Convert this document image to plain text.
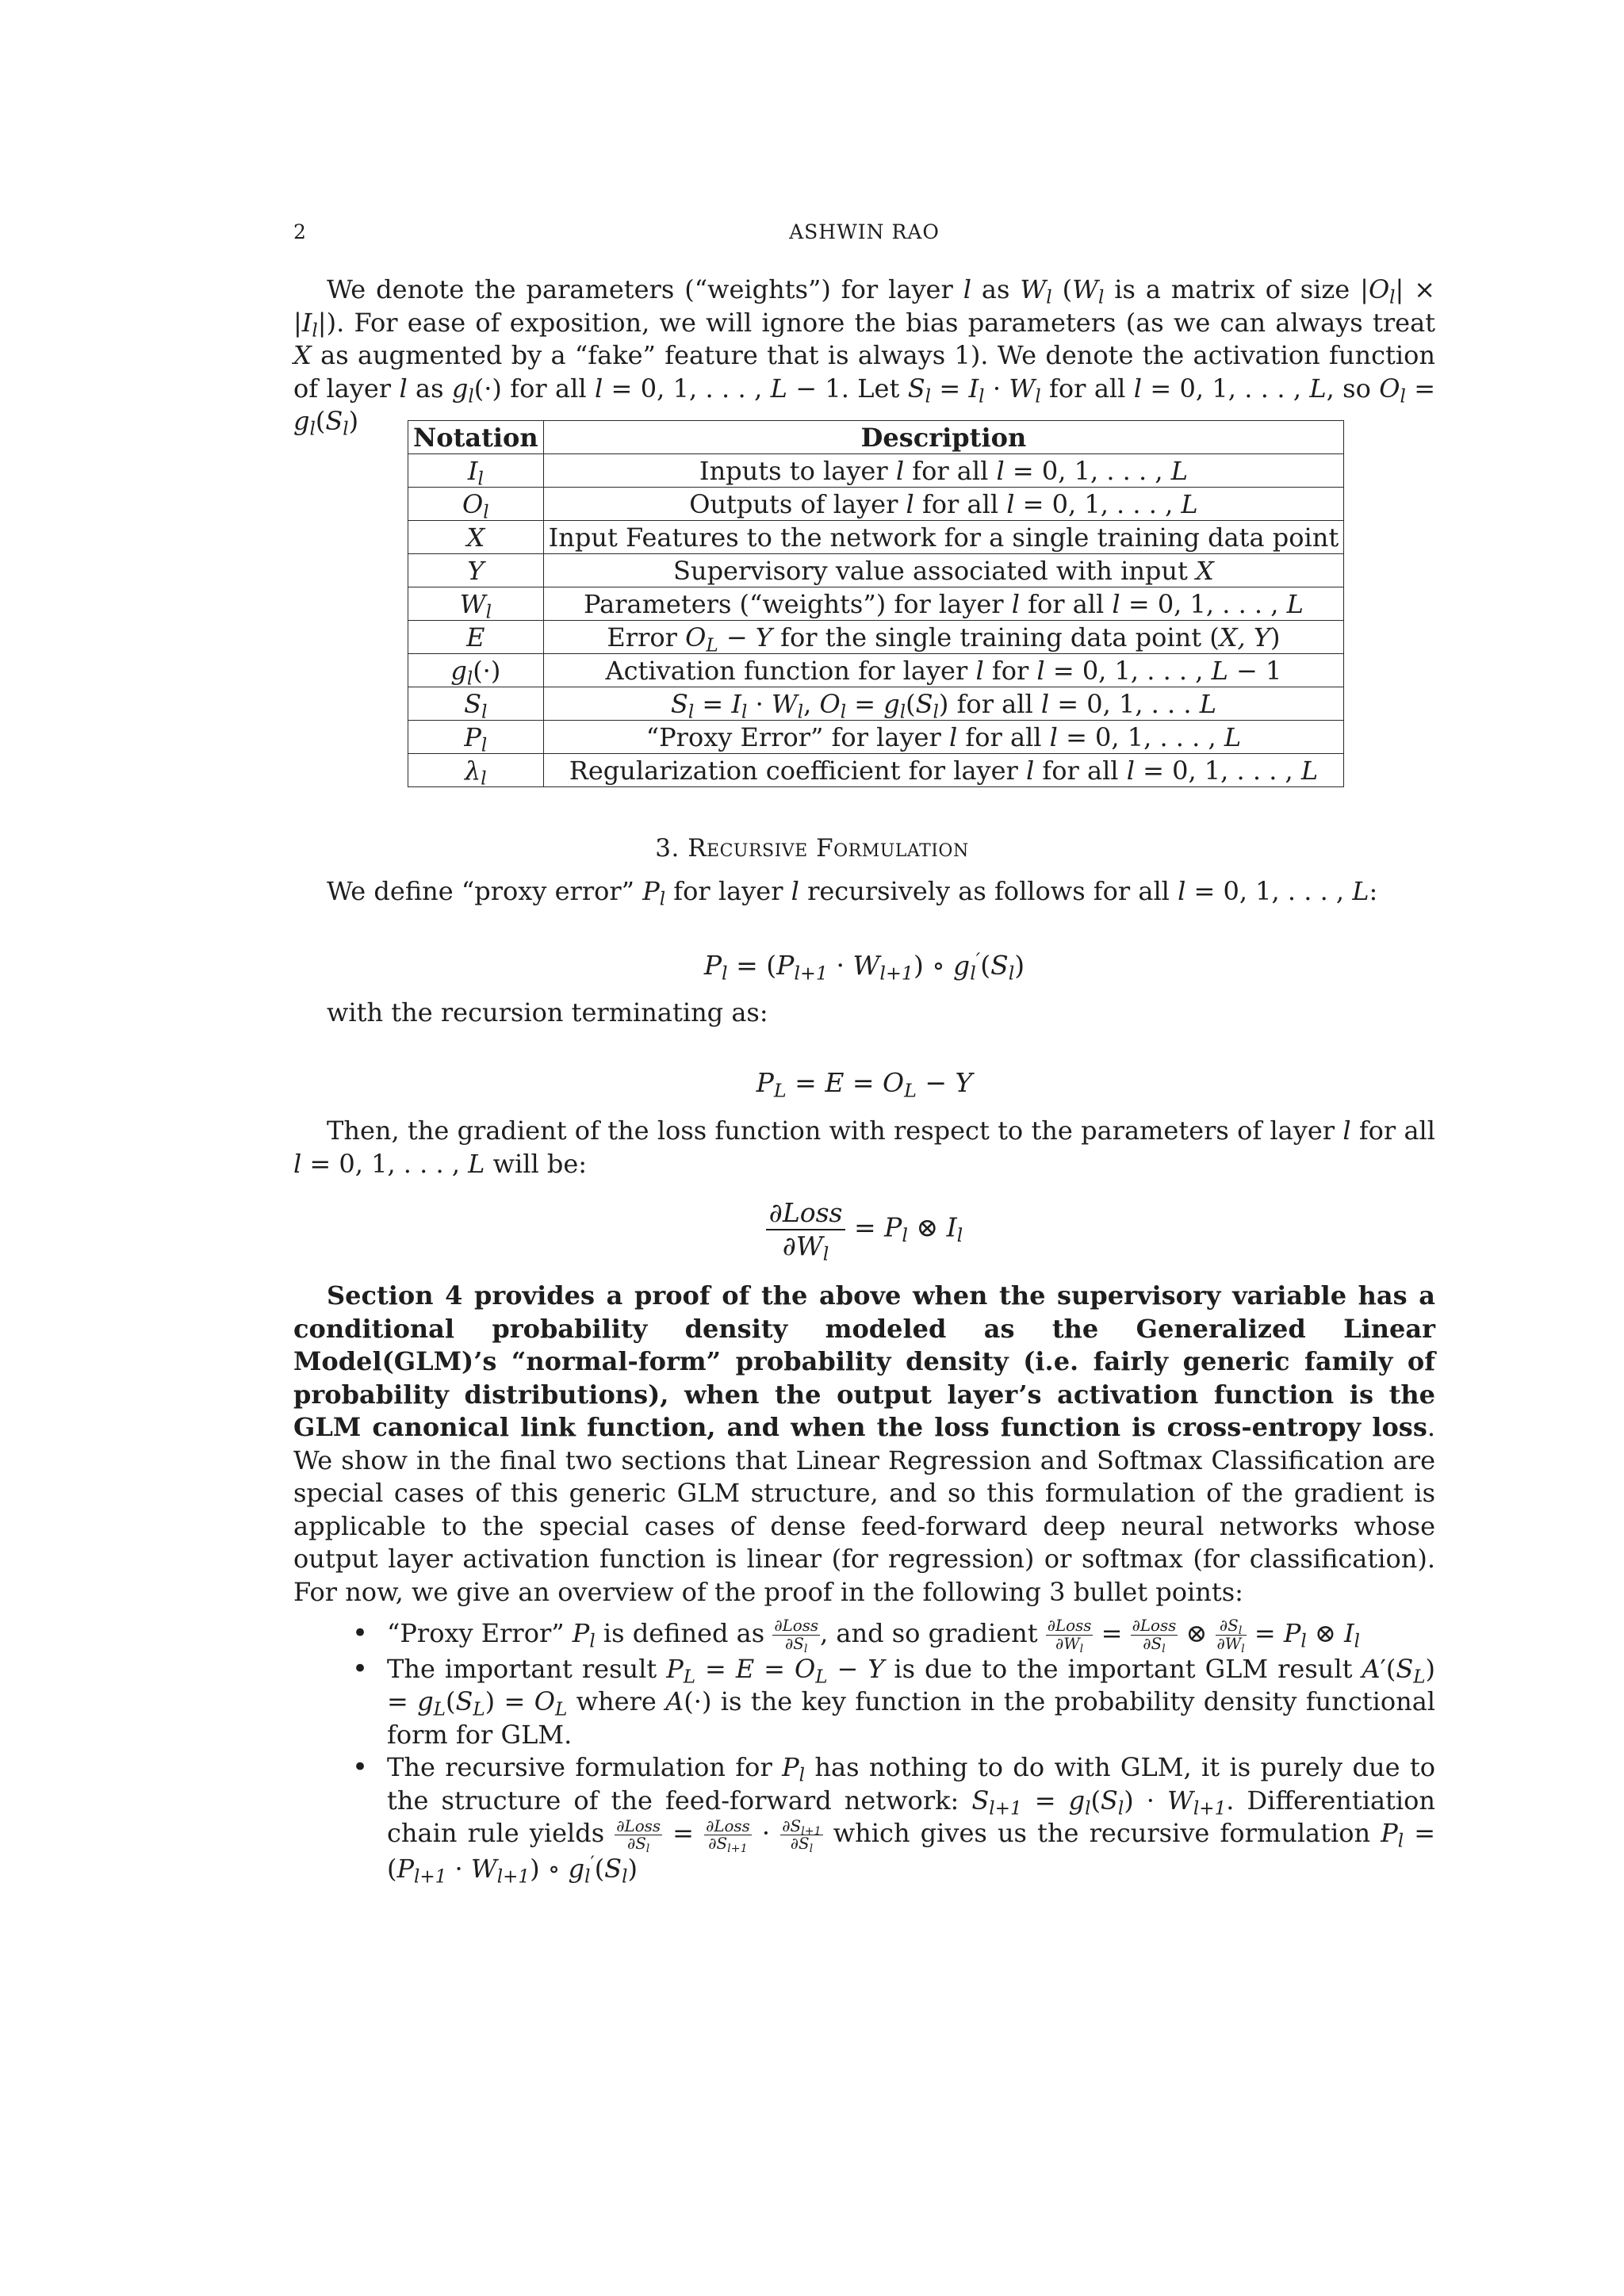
2	ASHWIN RAO
We denote the parameters (“weights”) for layer l as $W_l$ ($W_l$ is a matrix of size $|O_l| \times |I_l|$). For ease of exposition, we will ignore the bias parameters (as we can always treat X as augmented by a “fake” feature that is always 1). We denote the activation function of layer l as $g_l(\cdot)$ for all l = 0, 1, . . . , L − 1. Let $S_l = I_l \cdot W_l$ for all l = 0, 1, . . . , L, so $O_l = g_l(S_l)$
Notation	Description
$I_l$	Inputs to layer l for all l = 0, 1, . . . , L
$O_l$	Outputs of layer l for all l = 0, 1, . . . , L
X	Input Features to the network for a single training data point
Y	Supervisory value associated with input X
$W_l$	Parameters (“weights”) for layer l for all l = 0, 1, . . . , L
E	Error $O_L - Y$ for the single training data point (X, Y)
$g_l(\cdot)$	Activation function for layer l for l = 0, 1, . . . , L − 1
$S_l$	$S_l = I_l \cdot W_l$, $O_l = g_l(S_l)$ for all l = 0, 1, . . . L
$P_l$	“Proxy Error” for layer l for all l = 0, 1, . . . , L
$\lambda_l$	Regularization coefficient for layer l for all l = 0, 1, . . . , L
3. Recursive Formulation
We define “proxy error” $P_l$ for layer l recursively as follows for all l = 0, 1, . . . , L:
$P_l = (P_{l+1} \cdot W_{l+1})$ ∘ $g_l'(S_l)$
with the recursion terminating as:
$P_L = E = O_L - Y$
Then, the gradient of the loss function with respect to the parameters of layer l for all l = 0, 1, . . . , L will be:
$\frac{\text{∂Loss}}{\partial W_l} = P_l$ ⊗ $I_l$
Section 4 provides a proof of the above when the supervisory variable has a conditional probability density modeled as the Generalized Linear Model(GLM)’s “normal-form” probability density (i.e. fairly generic family of probability distributions), when the output layer’s activation function is the GLM canonical link function, and when the loss function is cross-entropy loss. We show in the final two sections that Linear Regression and Softmax Classification are special cases of this generic GLM structure, and so this formulation of the gradient is applicable to the special cases of dense feed-forward deep neural networks whose output layer activation function is linear (for regression) or softmax (for classification). For now, we give an overview of the proof in the following 3 bullet points:
• “Proxy Error” $P_l$ is defined as $\frac{\text{∂Loss}}{\partial S_l}$ , and so gradient $\frac{\text{∂Loss}}{\partial W_l} = \frac{\text{∂Loss}}{\partial S_l}$ ⊗ $\frac{\partial S_l}{\partial W_l} = P_l$ ⊗ $I_l$
• The important result $P_L = E = O_L - Y$ is due to the important GLM result $A'(S_L) = g_L(S_L) = O_L$ where A(·) is the key function in the probability density functional form for GLM.
• The recursive formulation for $P_l$ has nothing to do with GLM, it is purely due to the structure of the feed-forward network: $S_{l+1} = g_l(S_l) \cdot W_{l+1}$. Differentiation chain rule yields $\frac{\text{∂Loss}}{\partial S_l} = \frac{\text{∂Loss}}{\partial S_{l+1}} \cdot \frac{\partial S_{l+1}}{\partial S_l}$ which gives us the recursive formulation $P_l = (P_{l+1} \cdot W_{l+1})$ ∘ $g_l'(S_l)$
